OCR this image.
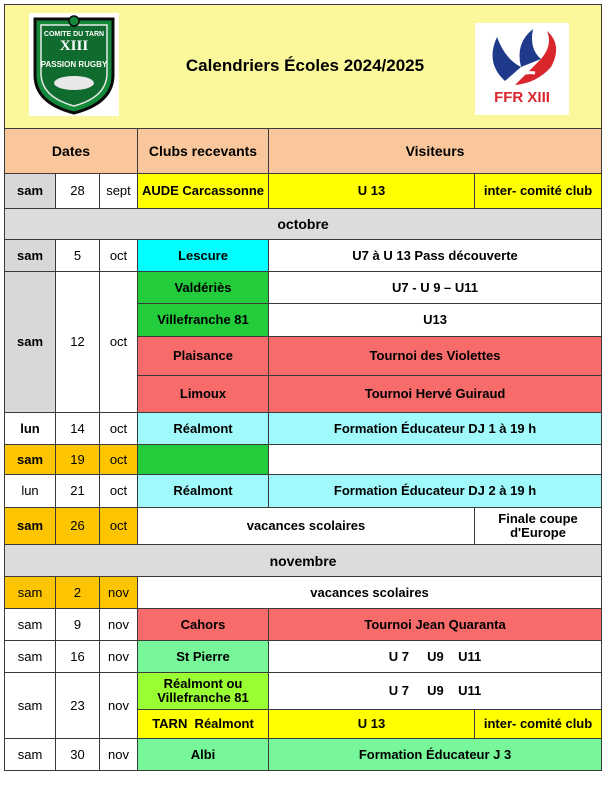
COMITE DU TARN
XIII
PASSION RUGBY Calendriers Écoles 2024/2025
FFR XIII					

Dates			Clubs recevants	Visiteurs	
sam	28	sept	AUDE Carcassonne	U 13	inter- comité club
octobre					
sam	5	oct	Lescure	U7 à U 13 Pass découverte	
sam	12	oct	Valdériès	U7 - U 9 – U11	
			Villefranche 81	U13	
			Plaisance	Tournoi des Violettes	
			Limoux	Tournoi Hervé Guiraud	
lun	14	oct	Réalmont	Formation Éducateur DJ 1 à 19 h	
sam	19	oct			
lun	21	oct	Réalmont	Formation Éducateur DJ 2 à 19 h	
sam	26	oct	vacances scolaires		Finale coupe d'Europe
novembre					
sam	2	nov	vacances scolaires		
sam	9	nov	Cahors	Tournoi Jean Quaranta	
sam	16	nov	St Pierre	U 7     U9    U11	
sam	23	nov	Réalmont ou Villefranche 81	U 7     U9    U11	
			TARN  Réalmont	U 13	inter- comité club
sam	30	nov	Albi	Formation Éducateur J 3	
